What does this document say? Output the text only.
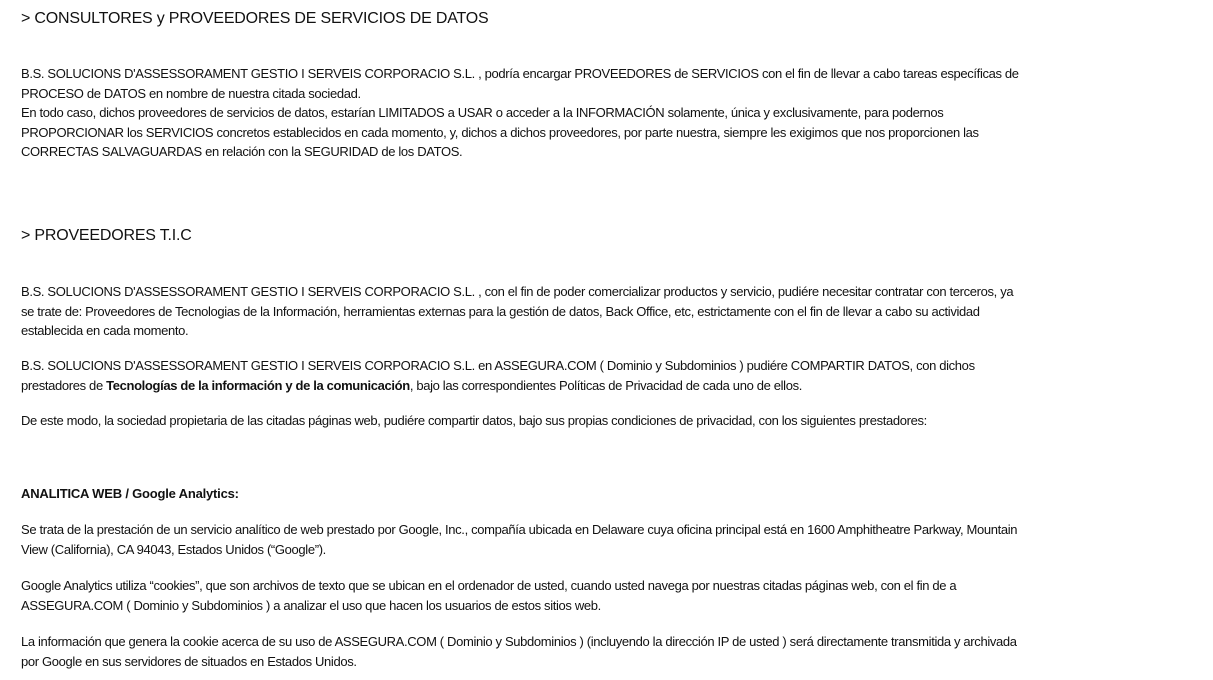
> CONSULTORES y PROVEEDORES DE SERVICIOS DE DATOS
B.S. SOLUCIONS D'ASSESSORAMENT GESTIO I SERVEIS CORPORACIO S.L. , podría encargar PROVEEDORES de SERVICIOS con el fin de llevar a cabo tareas específicas de
PROCESO de DATOS en nombre de nuestra citada sociedad.
En todo caso, dichos proveedores de servicios de datos, estarían LIMITADOS a USAR o acceder a la INFORMACIÓN solamente, única y exclusivamente, para podernos
PROPORCIONAR los SERVICIOS concretos establecidos en cada momento, y, dichos a dichos proveedores, por parte nuestra, siempre les exigimos que nos proporcionen las
CORRECTAS SALVAGUARDAS en relación con la SEGURIDAD de los DATOS.
> PROVEEDORES T.I.C
B.S. SOLUCIONS D'ASSESSORAMENT GESTIO I SERVEIS CORPORACIO S.L. , con el fin de poder comercializar productos y servicio, pudiére necesitar contratar con terceros, ya
se trate de: Proveedores de Tecnologias de la Información, herramientas externas para la gestión de datos, Back Office, etc, estrictamente con el fin de llevar a cabo su actividad
establecida en cada momento.
B.S. SOLUCIONS D'ASSESSORAMENT GESTIO I SERVEIS CORPORACIO S.L. en ASSEGURA.COM ( Dominio y Subdominios ) pudiére COMPARTIR DATOS, con dichos
prestadores de Tecnologías de la información y de la comunicación, bajo las correspondientes Políticas de Privacidad de cada uno de ellos.
De este modo, la sociedad propietaria de las citadas páginas web, pudiére compartir datos, bajo sus propias condiciones de privacidad, con los siguientes prestadores:
ANALITICA WEB / Google Analytics:
Se trata de la prestación de un servicio analítico de web prestado por Google, Inc., compañía ubicada en Delaware cuya oficina principal está en 1600 Amphitheatre Parkway, Mountain
View (California), CA 94043, Estados Unidos (“Google”).
Google Analytics utiliza “cookies”, que son archivos de texto que se ubican en el ordenador de usted, cuando usted navega por nuestras citadas páginas web, con el fin de a
ASSEGURA.COM ( Dominio y Subdominios ) a analizar el uso que hacen los usuarios de estos sitios web.
La información que genera la cookie acerca de su uso de ASSEGURA.COM ( Dominio y Subdominios ) (incluyendo la dirección IP de usted ) será directamente transmitida y archivada
por Google en sus servidores de situados en Estados Unidos.
